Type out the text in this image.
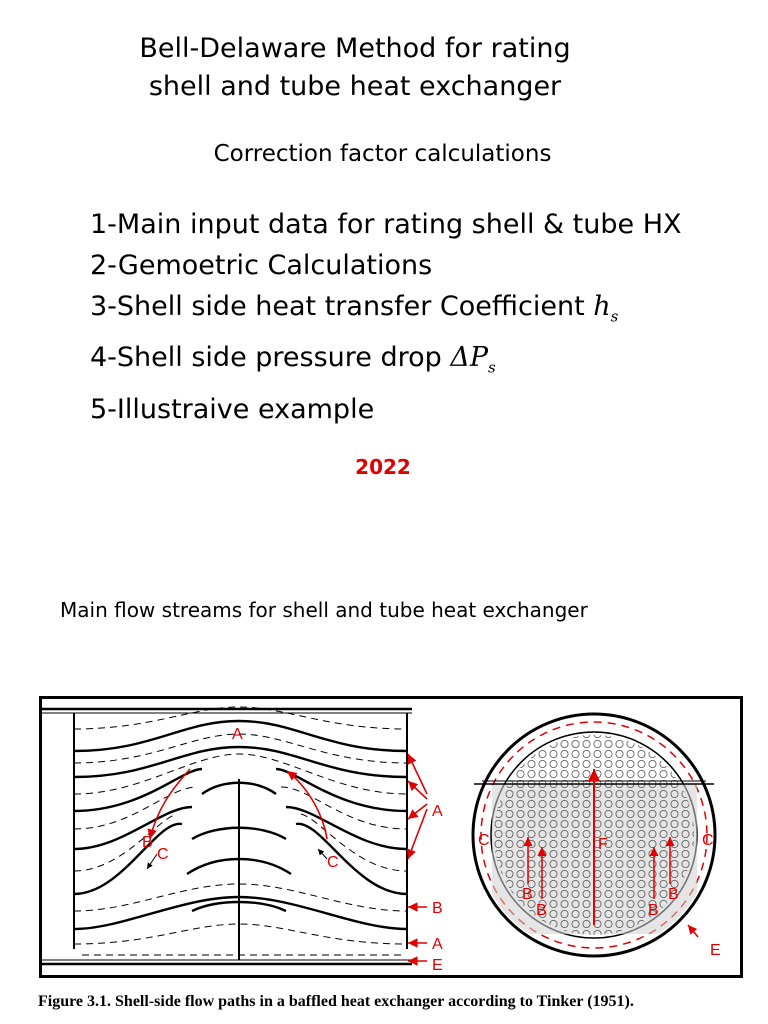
Bell-Delaware Method for rating
shell and tube heat exchanger
Correction factor calculations
1-Main input data for rating shell & tube HX
2-Gemoetric Calculations
3-Shell side heat transfer Coefficient $h_s$
4-Shell side pressure drop $\Delta P_s$
5-Illustraive example
2022
Main flow streams for shell and tube heat exchanger
A
B
C	C
A
B
A
E
C	C
F
B
B	B
B
E
Figure 3.1. Shell-side flow paths in a baffled heat exchanger according to Tinker (1951).
